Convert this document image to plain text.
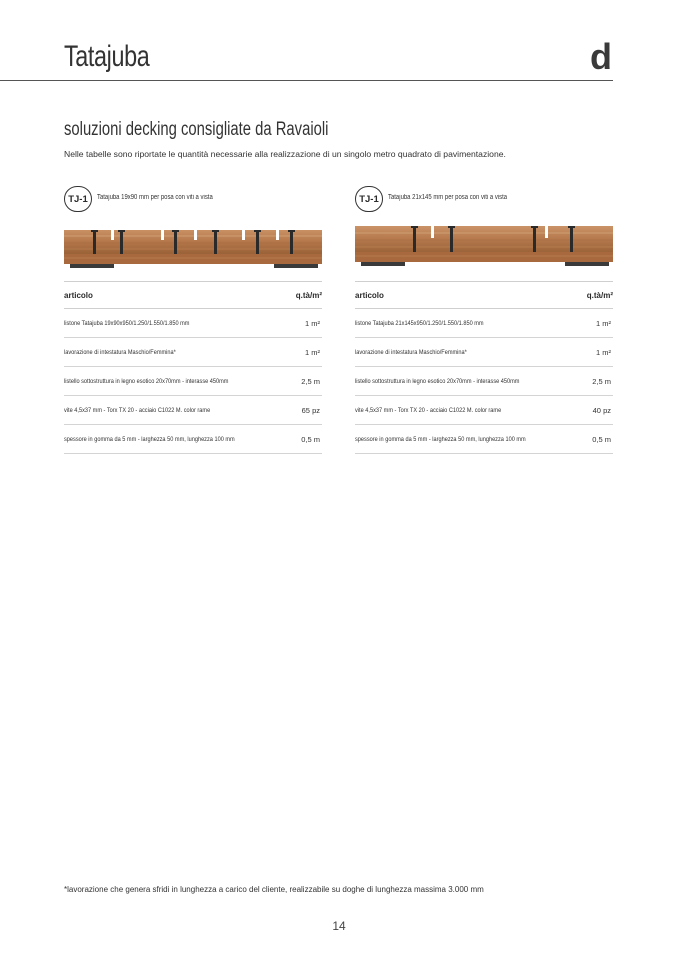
Tatajuba	d
soluzioni decking consigliate da Ravaioli
Nelle tabelle sono riportate le quantità necessarie alla realizzazione di un singolo metro quadrato di pavimentazione.
TJ-1	Tatajuba 19x90 mm per posa con viti a vista
articolo	q.tà/m²
listone Tatajuba 19x90x950/1.250/1.550/1.850 mm	1 m²
lavorazione di intestatura Maschio/Femmina*	1 m²
listello sottostruttura in legno esotico 20x70mm - interasse 450mm	2,5 m
vite 4,5x37 mm - Torx TX 20 - acciaio C1022 M. color rame	65 pz
spessore in gomma da 5 mm - larghezza 50 mm, lunghezza 100 mm	0,5 m
TJ-1	Tatajuba 21x145 mm per posa con viti a vista
articolo	q.tà/m²
listone Tatajuba 21x145x950/1.250/1.550/1.850 mm	1 m²
lavorazione di intestatura Maschio/Femmina*	1 m²
listello sottostruttura in legno esotico 20x70mm - interasse 450mm	2,5 m
vite 4,5x37 mm - Torx TX 20 - acciaio C1022 M. color rame	40 pz
spessore in gomma da 5 mm - larghezza 50 mm, lunghezza 100 mm	0,5 m
*lavorazione che genera sfridi in lunghezza a carico del cliente, realizzabile su doghe di lunghezza massima 3.000 mm
14
